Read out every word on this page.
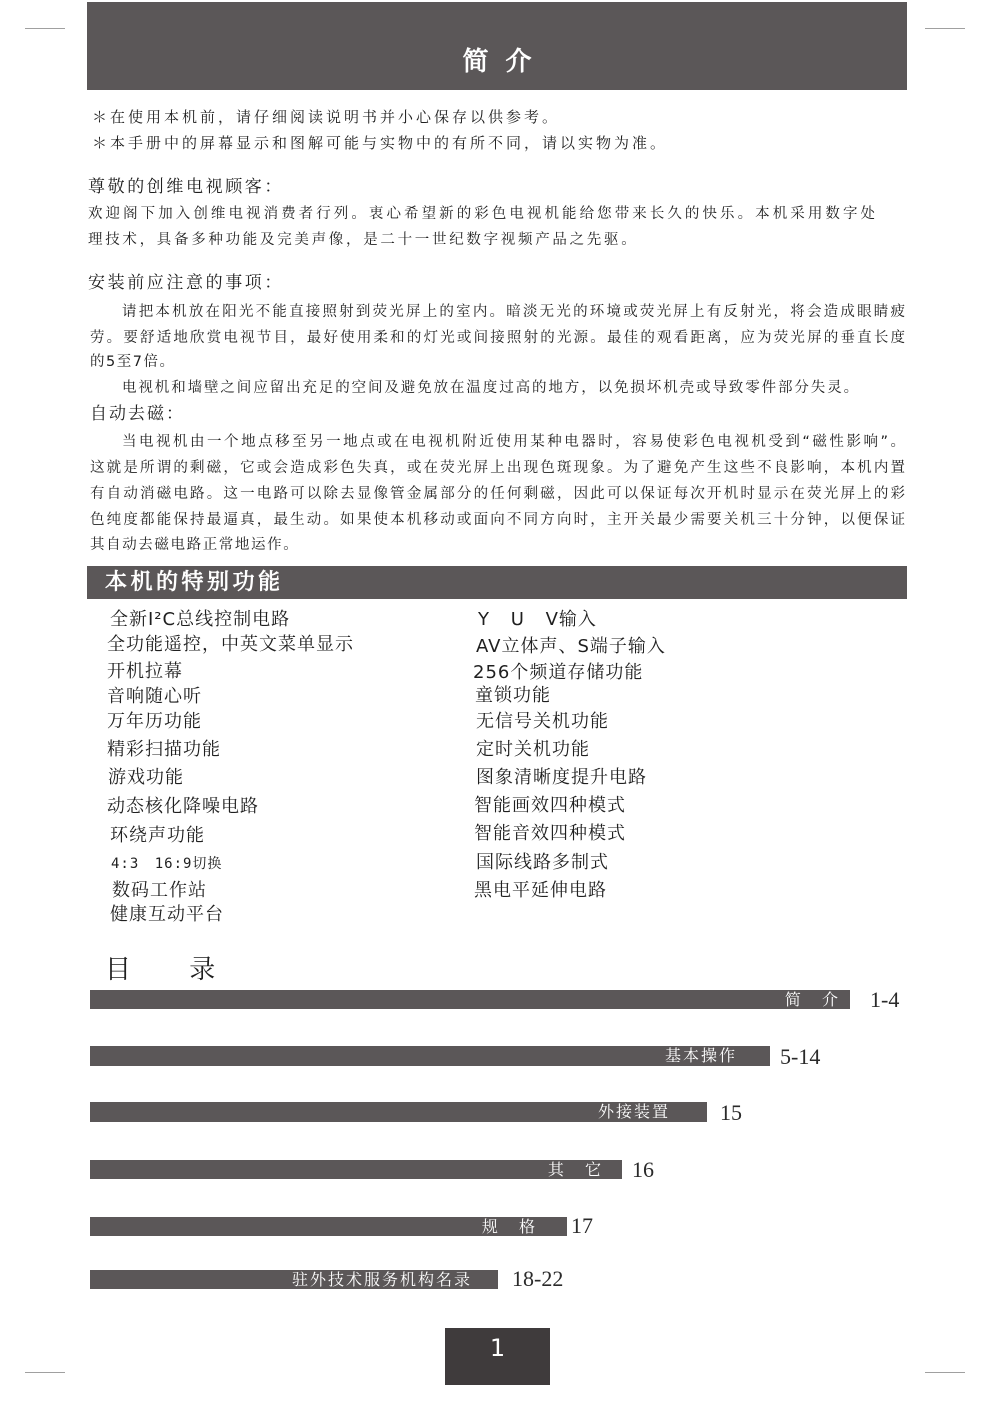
简 介
＊ 在使用本机前，请仔细阅读说明书并小心保存以供参考。
＊ 本手册中的屏幕显示和图解可能与实物中的有所不同，请以实物为准。
尊敬的创维电视顾客：
欢迎阁下加入创维电视消费者行列。衷心希望新的彩色电视机能给您带来长久的快乐。本机采用数字处
理技术，具备多种功能及完美声像，是二十一世纪数字视频产品之先驱。
安装前应注意的事项：
请把本机放在阳光不能直接照射到荧光屏上的室内。暗淡无光的环境或荧光屏上有反射光，将会造成眼睛疲
劳。要舒适地欣赏电视节目，最好使用柔和的灯光或间接照射的光源。最佳的观看距离，应为荧光屏的垂直长度
的5至7倍。
电视机和墙壁之间应留出充足的空间及避免放在温度过高的地方，以免损坏机壳或导致零件部分失灵。
自动去磁：
当电视机由一个地点移至另一地点或在电视机附近使用某种电器时，容易使彩色电视机受到“磁性影响”。
这就是所谓的剩磁，它或会造成彩色失真，或在荧光屏上出现色斑现象。为了避免产生这些不良影响，本机内置
有自动消磁电路。这一电路可以除去显像管金属部分的任何剩磁，因此可以保证每次开机时显示在荧光屏上的彩
色纯度都能保持最逼真，最生动。如果使本机移动或面向不同方向时，主开关最少需要关机三十分钟，以便保证
其自动去磁电路正常地运作。
本机的特别功能
全新I²C总线控制电路
全功能遥控，中英文菜单显示
开机拉幕
音响随心听
万年历功能
精彩扫描功能
游戏功能
动态核化降噪电路
环绕声功能
4:3 16:9切换
数码工作站
健康互动平台
Y U V输入
AV立体声、S端子输入
256个频道存储功能
童锁功能
无信号关机功能
定时关机功能
图象清晰度提升电路
智能画效四种模式
智能音效四种模式
国际线路多制式
黑电平延伸电路
目 录
简 介 1-4
基本操作 5-14
外接装置 15
其 它 16
规 格 17
驻外技术服务机构名录 18-22
1
